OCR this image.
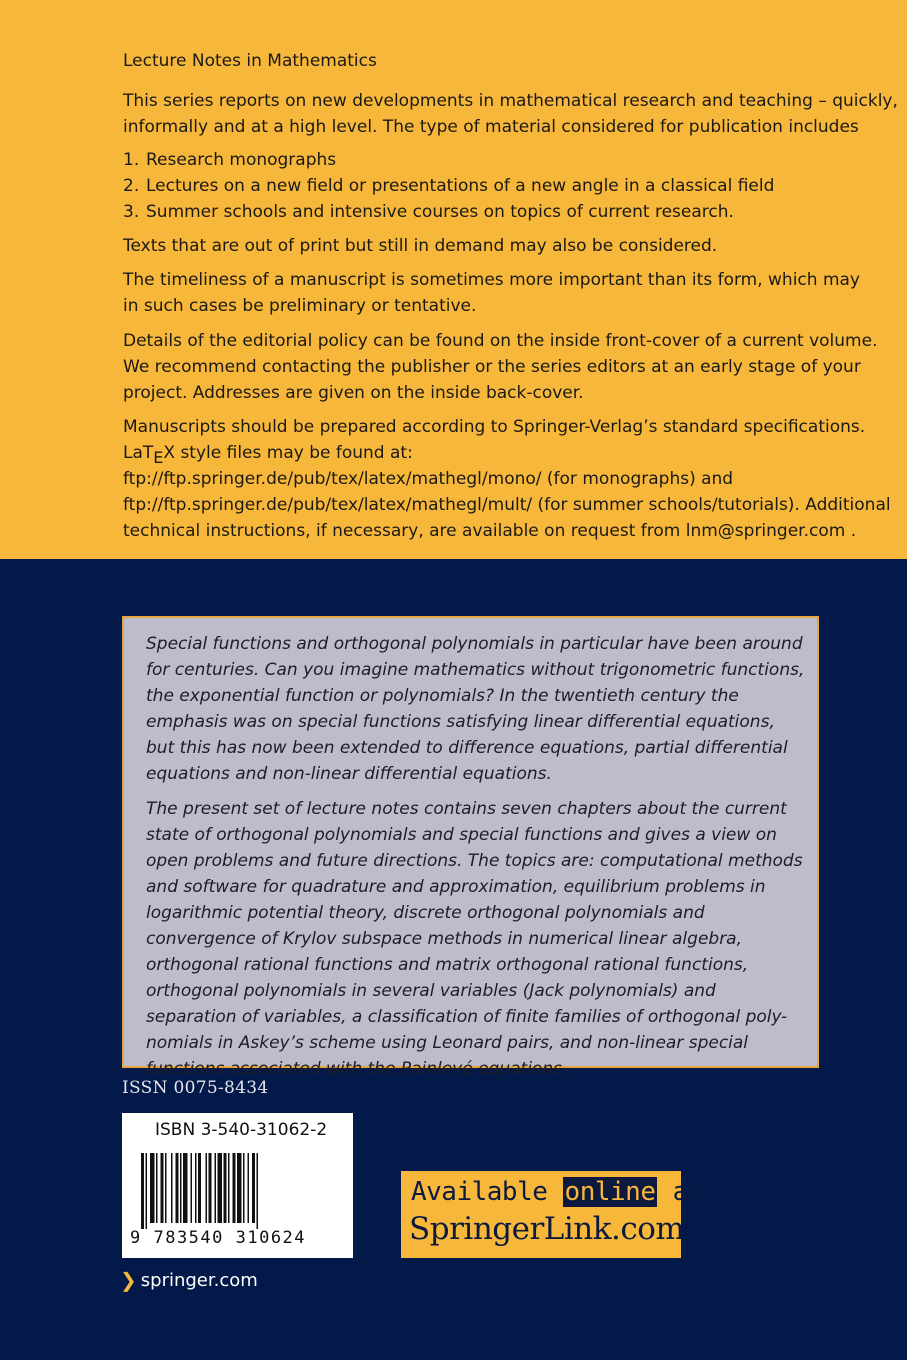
Lecture Notes in Mathematics
This series reports on new developments in mathematical research and teaching – quickly,
informally and at a high level. The type of material considered for publication includes
1. Research monographs
2. Lectures on a new field or presentations of a new angle in a classical field
3. Summer schools and intensive courses on topics of current research.
Texts that are out of print but still in demand may also be considered.
The timeliness of a manuscript is sometimes more important than its form, which may
in such cases be preliminary or tentative.
Details of the editorial policy can be found on the inside front-cover of a current volume.
We recommend contacting the publisher or the series editors at an early stage of your
project. Addresses are given on the inside back-cover.
Manuscripts should be prepared according to Springer-Verlag’s standard specifications.
LaTEX style files may be found at:
ftp://ftp.springer.de/pub/tex/latex/mathegl/mono/ (for monographs) and
ftp://ftp.springer.de/pub/tex/latex/mathegl/mult/ (for summer schools/tutorials). Additional
technical instructions, if necessary, are available on request from lnm@springer.com .

Special functions and orthogonal polynomials in particular have been around for centuries. Can you imagine mathematics without trigonometric functions, the exponential function or polynomials? In the twentieth century the emphasis was on special functions satisfying linear differential equations, but this has now been extended to difference equations, partial differential equations and non-linear differential equations.

The present set of lecture notes contains seven chapters about the current state of orthogonal polynomials and special functions and gives a view on open problems and future directions. The topics are: computational methods and software for quadrature and approximation, equilibrium problems in logarithmic potential theory, discrete orthogonal polynomials and convergence of Krylov subspace methods in numerical linear algebra, orthogonal rational functions and matrix orthogonal rational functions, orthogonal polynomials in several variables (Jack polynomials) and separation of variables, a classification of finite families of orthogonal poly-nomials in Askey’s scheme using Leonard pairs, and non-linear special functions associated with the Painlevé equations.

ISSN 0075-8434
ISBN 3-540-31062-2
9 783540 310624
❯ springer.com
Available online at
SpringerLink.com
